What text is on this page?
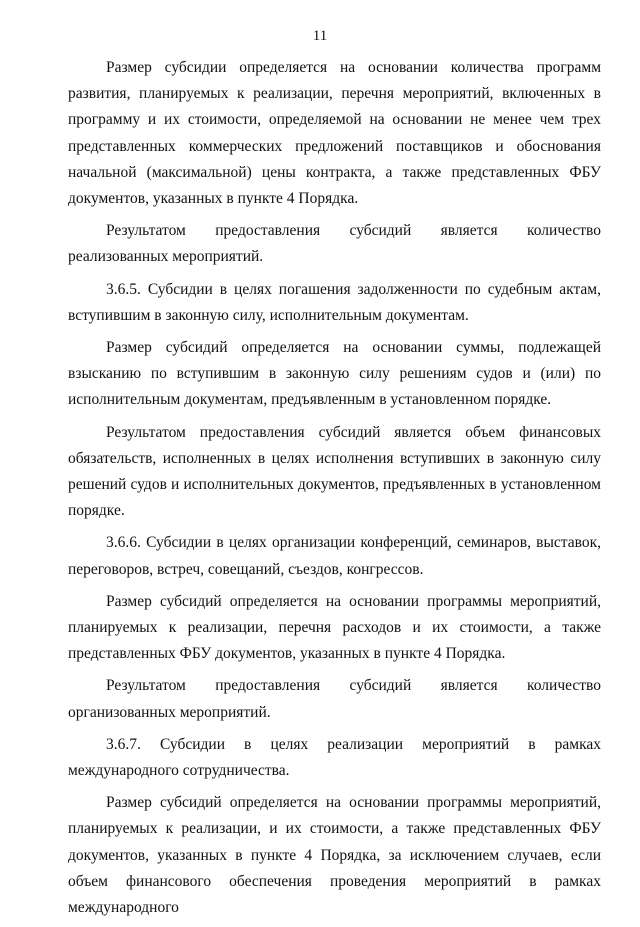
11

Размер субсидии определяется на основании количества программ развития, планируемых к реализации, перечня мероприятий, включенных в программу и их стоимости, определяемой на основании не менее чем трех представленных коммерческих предложений поставщиков и обоснования начальной (максимальной) цены контракта, а также представленных ФБУ документов, указанных в пункте 4 Порядка.

Результатом предоставления субсидий является количество реализованных мероприятий.

3.6.5. Субсидии в целях погашения задолженности по судебным актам, вступившим в законную силу, исполнительным документам.

Размер субсидий определяется на основании суммы, подлежащей взысканию по вступившим в законную силу решениям судов и (или) по исполнительным документам, предъявленным в установленном порядке.

Результатом предоставления субсидий является объем финансовых обязательств, исполненных в целях исполнения вступивших в законную силу решений судов и исполнительных документов, предъявленных в установленном порядке.

3.6.6. Субсидии в целях организации конференций, семинаров, выставок, переговоров, встреч, совещаний, съездов, конгрессов.

Размер субсидий определяется на основании программы мероприятий, планируемых к реализации, перечня расходов и их стоимости, а также представленных ФБУ документов, указанных в пункте 4 Порядка.

Результатом предоставления субсидий является количество организованных мероприятий.

3.6.7. Субсидии в целях реализации мероприятий в рамках международного сотрудничества.

Размер субсидий определяется на основании программы мероприятий, планируемых к реализации, и их стоимости, а также представленных ФБУ документов, указанных в пункте 4 Порядка, за исключением случаев, если объем финансового обеспечения проведения мероприятий в рамках международного
